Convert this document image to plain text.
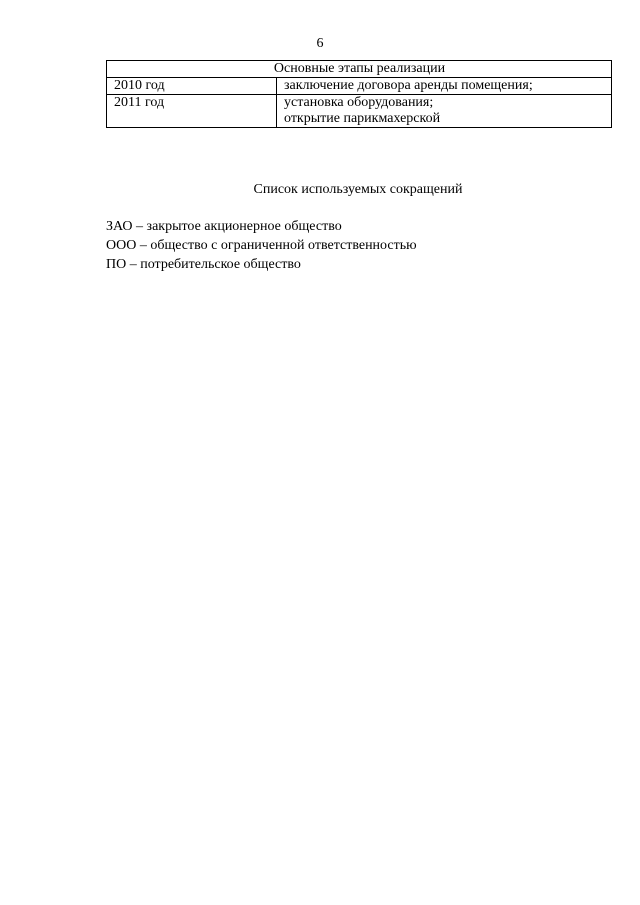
6
Основные этапы реализации	
2010 год	заключение договора аренды помещения;

2011 год	установка оборудования;
открытие парикмахерской
Список используемых сокращений
ЗАО – закрытое акционерное общество
ООО – общество с ограниченной ответственностью
ПО – потребительское общество
